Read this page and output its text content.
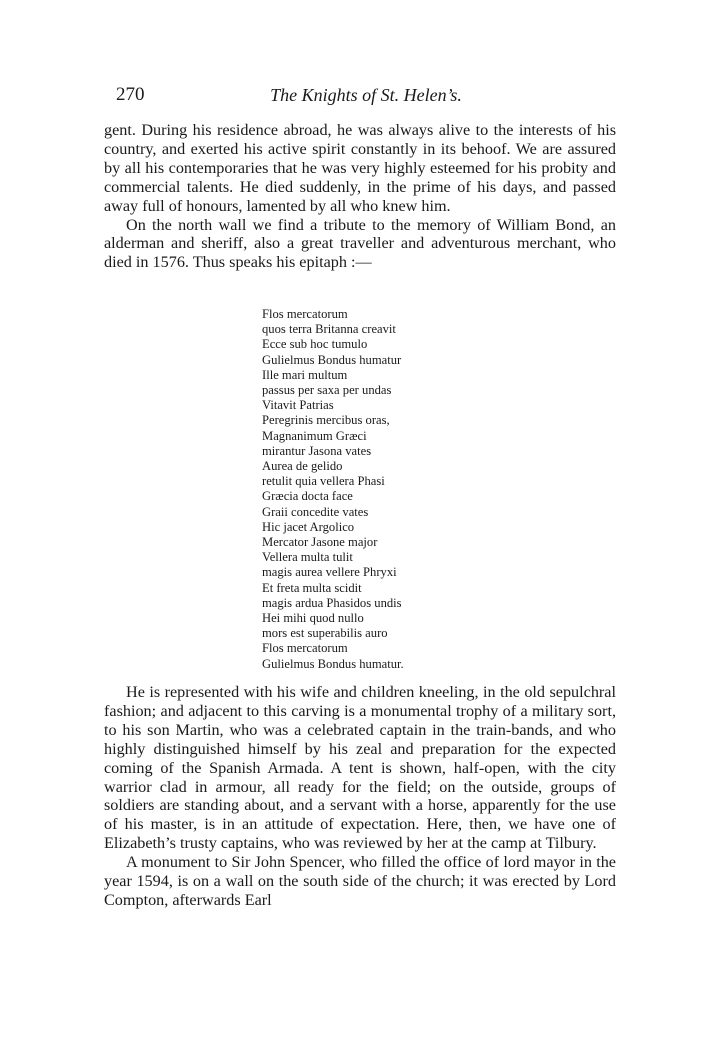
270	The Knights of St. Helen’s.

gent. During his residence abroad, he was always alive to the interests of his country, and exerted his active spirit constantly in its behoof. We are assured by all his contemporaries that he was very highly esteemed for his probity and commercial talents. He died suddenly, in the prime of his days, and passed away full of honours, lamented by all who knew him.

On the north wall we find a tribute to the memory of William Bond, an alderman and sheriff, also a great traveller and adventurous merchant, who died in 1576. Thus speaks his epitaph :—

Flos mercatorum
quos terra Britanna creavit
Ecce sub hoc tumulo
Gulielmus Bondus humatur
Ille mari multum
passus per saxa per undas
Vitavit Patrias
Peregrinis mercibus oras,
Magnanimum Græci
mirantur Jasona vates
Aurea de gelido
retulit quia vellera Phasi
Græcia docta face
Graii concedite vates
Hic jacet Argolico
Mercator Jasone major
Vellera multa tulit
magis aurea vellere Phryxi
Et freta multa scidit
magis ardua Phasidos undis
Hei mihi quod nullo
mors est superabilis auro
Flos mercatorum
Gulielmus Bondus humatur.

He is represented with his wife and children kneeling, in the old sepulchral fashion; and adjacent to this carving is a monumental trophy of a military sort, to his son Martin, who was a celebrated captain in the train-bands, and who highly distinguished himself by his zeal and preparation for the expected coming of the Spanish Armada. A tent is shown, half-open, with the city warrior clad in armour, all ready for the field; on the outside, groups of soldiers are standing about, and a servant with a horse, apparently for the use of his master, is in an attitude of expectation. Here, then, we have one of Elizabeth’s trusty captains, who was reviewed by her at the camp at Tilbury.

A monument to Sir John Spencer, who filled the office of lord mayor in the year 1594, is on a wall on the south side of the church; it was erected by Lord Compton, afterwards Earl
